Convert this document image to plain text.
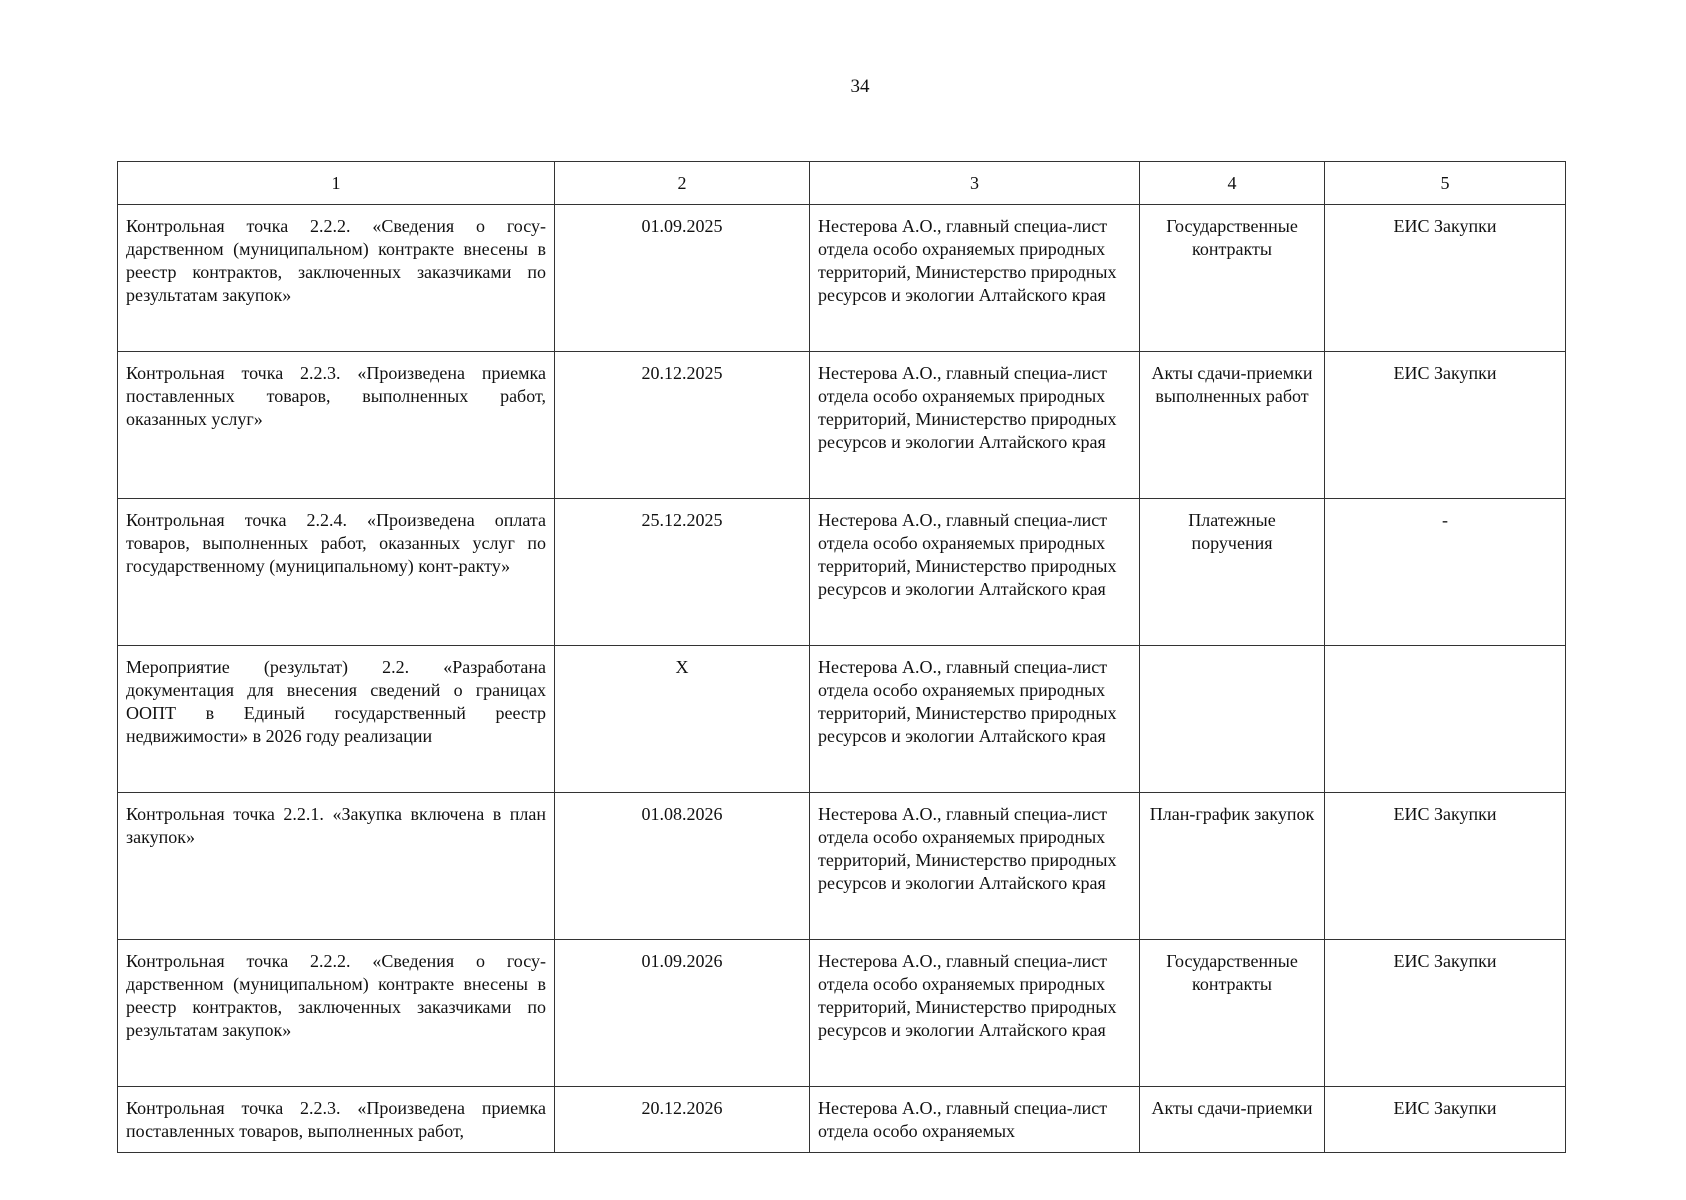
34
1	2	3	4	5
Контрольная точка 2.2.2. «Сведения о госу-дарственном (муниципальном) контракте внесены в реестр контрактов, заключенных заказчиками по результатам закупок»	01.09.2025	Нестерова А.О., главный специа-лист отдела особо охраняемых природных территорий, Министерство природных ресурсов и экологии Алтайского края	Государственные контракты	ЕИС Закупки
Контрольная точка 2.2.3. «Произведена приемка поставленных товаров, выполненных работ, оказанных услуг»	20.12.2025	Нестерова А.О., главный специа-лист отдела особо охраняемых природных территорий, Министерство природных ресурсов и экологии Алтайского края	Акты сдачи-приемки выполненных работ	ЕИС Закупки
Контрольная точка 2.2.4. «Произведена оплата товаров, выполненных работ, оказанных услуг по государственному (муниципальному) конт-ракту»	25.12.2025	Нестерова А.О., главный специа-лист отдела особо охраняемых природных территорий, Министерство природных ресурсов и экологии Алтайского края	Платежные поручения	-
Мероприятие (результат) 2.2. «Разработана документация для внесения сведений о границах ООПТ в Единый государственный реестр недвижимости» в 2026 году реализации	X	Нестерова А.О., главный специа-лист отдела особо охраняемых природных территорий, Министерство природных ресурсов и экологии Алтайского края		
Контрольная точка 2.2.1. «Закупка включена в план закупок»	01.08.2026	Нестерова А.О., главный специа-лист отдела особо охраняемых природных территорий, Министерство природных ресурсов и экологии Алтайского края	План-график закупок	ЕИС Закупки
Контрольная точка 2.2.2. «Сведения о госу-дарственном (муниципальном) контракте внесены в реестр контрактов, заключенных заказчиками по результатам закупок»	01.09.2026	Нестерова А.О., главный специа-лист отдела особо охраняемых природных территорий, Министерство природных ресурсов и экологии Алтайского края	Государственные контракты	ЕИС Закупки
Контрольная точка 2.2.3. «Произведена приемка поставленных товаров, выполненных работ,	20.12.2026	Нестерова А.О., главный специа-лист отдела особо охраняемых	Акты сдачи-приемки	ЕИС Закупки
